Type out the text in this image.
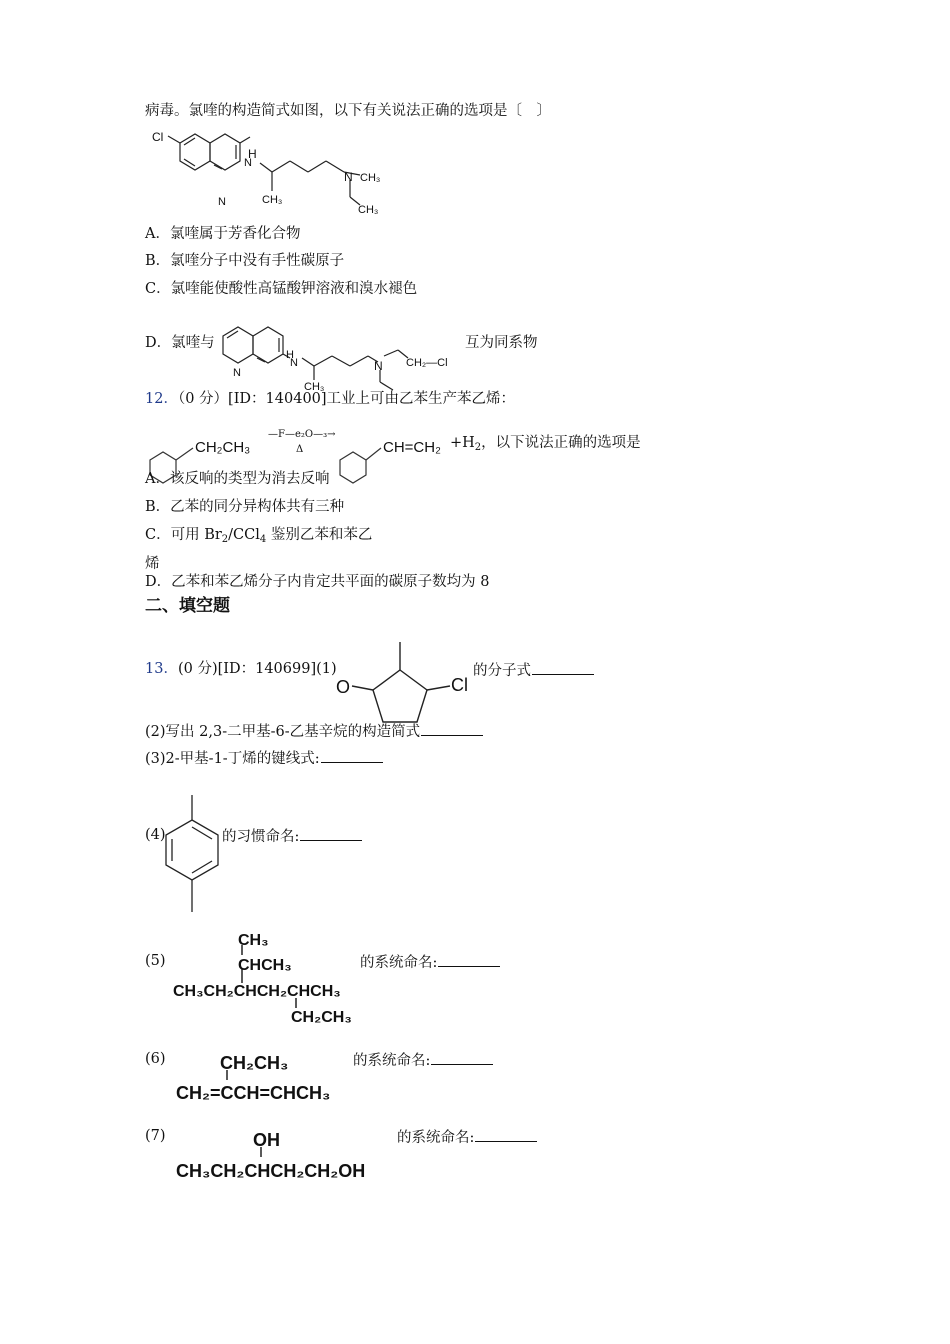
病毒。氯喹的构造简式如图，以下有关说法正确的选项是〔　〕
Cl
H
N
N
N
CH₃
CH₃
CH₃
A．氯喹属于芳香化合物
B．氯喹分子中没有手性碳原子
C．氯喹能使酸性高锰酸钾溶液和溴水褪色
D．氯喹与
H
N
N	N
CH₃
CH₂—Cl
互为同系物
12．（0 分）[ID：140400]工业上可由乙苯生产苯乙烯：
CH₂CH₃
—F—e₂O—₃→
Δ	$CH=CH_2 +H_2$，以下说法正确的选项是
A．该反响的类型为消去反响
B．乙苯的同分异构体共有三种
C．可用 $Br_2/CCl_4$ 鉴别乙苯和苯乙
烯
D．乙苯和苯乙烯分子内肯定共平面的碳原子数均为 8
二、填空题
13．(0 分)[ID：140699](1)
O	Cl
的分子式
(2)写出 2,3-二甲基-6-乙基辛烷的构造简式
(3)2-甲基-1-丁烯的键线式:
(4)	的习惯命名:
(5)
CH₃
CHCH₃
CH₃CH₂CHCH₂CHCH₃
CH₂CH₃
的系统命名:
(6)	CH₂CH₃
CH₂=CCH=CHCH₃
的系统命名:
(7)	OH
CH₃CH₂CHCH₂CH₂OH
的系统命名:
